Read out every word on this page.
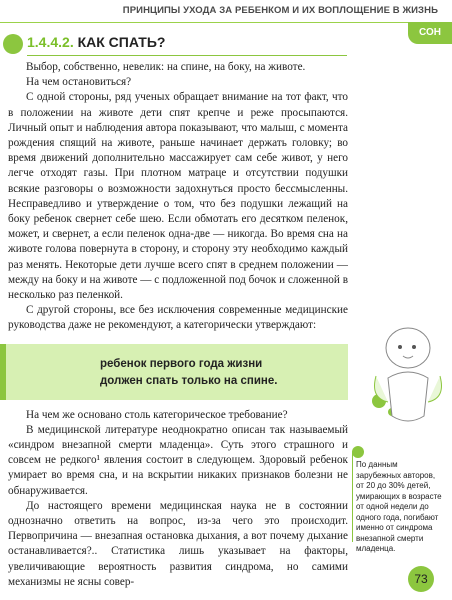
ПРИНЦИПЫ УХОДА ЗА РЕБЕНКОМ И ИХ ВОПЛОЩЕНИЕ В ЖИЗНЬ
СОН
1.4.4.2. КАК СПАТЬ?

Выбор, собственно, невелик: на спине, на боку, на животе.

На чем остановиться?

С одной стороны, ряд ученых обращает внимание на тот факт, что в положении на животе дети спят крепче и реже просыпаются. Личный опыт и наблюдения автора показывают, что малыш, с момента рождения спящий на животе, раньше начинает держать головку; во время движений дополнительно массажирует сам себе живот, у него легче отходят газы. При плотном матраце и отсутствии подушки всякие разговоры о возможности задохнуться просто бессмысленны. Несправедливо и утверждение о том, что без подушки лежащий на боку ребенок свернет себе шею. Если обмотать его десятком пеленок, может, и свернет, а если пеленок одна-две — никогда. Во время сна на животе голова повернута в сторону, и сторону эту необходимо каждый раз менять. Некоторые дети лучше всего спят в среднем положении — между на боку и на животе — с подложенной под бочок и сложенной в несколько раз пеленкой.

С другой стороны, все без исключения современные медицинские руководства даже не рекомендуют, а категорически утверждают:

ребенок первого года жизни
должен спать только на спине.

На чем же основано столь категорическое требование?

В медицинской литературе неоднократно описан так называемый «синдром внезапной смерти младенца». Суть этого страшного и совсем не редкого¹ явления состоит в следующем. Здоровый ребенок умирает во время сна, и на вскрытии никаких признаков болезни не обнаруживается.

До настоящего времени медицинская наука не в состоянии однозначно ответить на вопрос, из-за чего это происходит. Первопричина — внезапная остановка дыхания, а вот почему дыхание останавливается?.. Статистика лишь указывает на факторы, увеличивающие вероятность развития синдрома, но самими механизмы не ясны совер-

По данным зарубежных авторов, от 20 до 30% детей, умирающих в возрасте от одной недели до одного года, погибают именно от синдрома внезапной смерти младенца.
73
